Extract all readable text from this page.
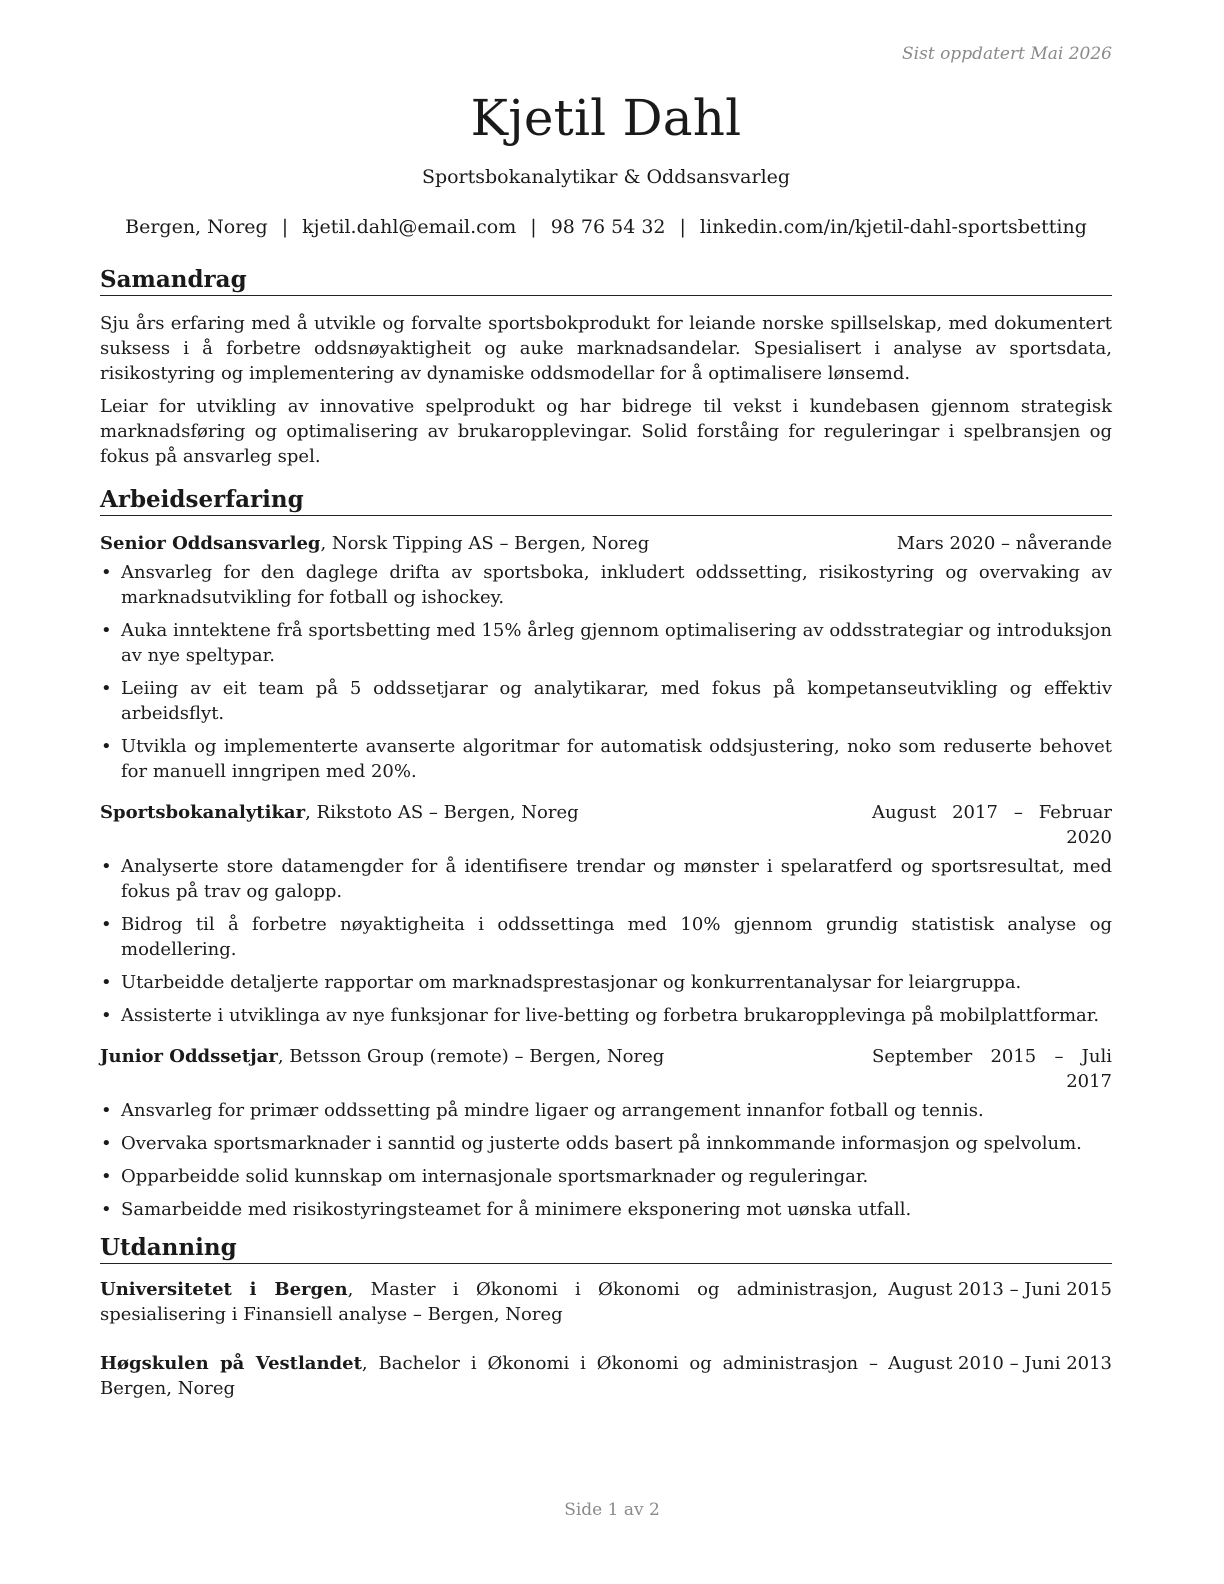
Sist oppdatert Mai 2026
Kjetil Dahl
Sportsbokanalytikar & Oddsansvarleg
Bergen, Noreg | kjetil.dahl@email.com | 98 76 54 32 | linkedin.com/in/kjetil-dahl-sportsbetting
Samandrag

Sju års erfaring med å utvikle og forvalte sportsbokprodukt for leiande norske spillselskap, med dokumentert suksess i å forbetre oddsnøyaktigheit og auke marknadsandelar. Spesialisert i analyse av sportsdata, risikostyring og implementering av dynamiske oddsmodellar for å optimalisere lønsemd.

Leiar for utvikling av innovative spelprodukt og har bidrege til vekst i kundebasen gjennom strategisk marknadsføring og optimalisering av brukaropplevingar. Solid forståing for reguleringar i spelbransjen og fokus på ansvarleg spel.

Arbeidserfaring
Senior Oddsansvarleg, Norsk Tipping AS – Bergen, Noreg	Mars 2020 – nåverande
• Ansvarleg for den daglege drifta av sportsboka, inkludert oddssetting, risikostyring og overvaking av marknadsutvikling for fotball og ishockey.
• Auka inntektene frå sportsbetting med 15% årleg gjennom optimalisering av oddsstrategiar og introduksjon av nye speltypar.
• Leiing av eit team på 5 oddssetjarar og analytikarar, med fokus på kompetanseutvikling og effektiv arbeidsflyt.
• Utvikla og implementerte avanserte algoritmar for automatisk oddsjustering, noko som reduserte behovet for manuell inngripen med 20%.
Sportsbokanalytikar, Rikstoto AS – Bergen, Noreg	August 2017 – Februar 2020
• Analyserte store datamengder for å identifisere trendar og mønster i spelaratferd og sportsresultat, med fokus på trav og galopp.
• Bidrog til å forbetre nøyaktigheita i oddssettinga med 10% gjennom grundig statistisk analyse og modellering.
• Utarbeidde detaljerte rapportar om marknadsprestasjonar og konkurrentanalysar for leiargruppa.
• Assisterte i utviklinga av nye funksjonar for live-betting og forbetra brukaropplevinga på mobilplattformar.
Junior Oddssetjar, Betsson Group (remote) – Bergen, Noreg	September 2015 – Juli 2017
• Ansvarleg for primær oddssetting på mindre ligaer og arrangement innanfor fotball og tennis.
• Overvaka sportsmarknader i sanntid og justerte odds basert på innkommande informasjon og spelvolum.
• Opparbeidde solid kunnskap om internasjonale sportsmarknader og reguleringar.
• Samarbeidde med risikostyringsteamet for å minimere eksponering mot uønska utfall.
Utdanning
Universitetet i Bergen, Master i Økonomi i Økonomi og administrasjon, spesialisering i Finansiell analyse – Bergen, Noreg
August 2013 – Juni 2015
Høgskulen på Vestlandet, Bachelor i Økonomi i Økonomi og administrasjon – Bergen, Noreg
August 2010 – Juni 2013
Side 1 av 2
